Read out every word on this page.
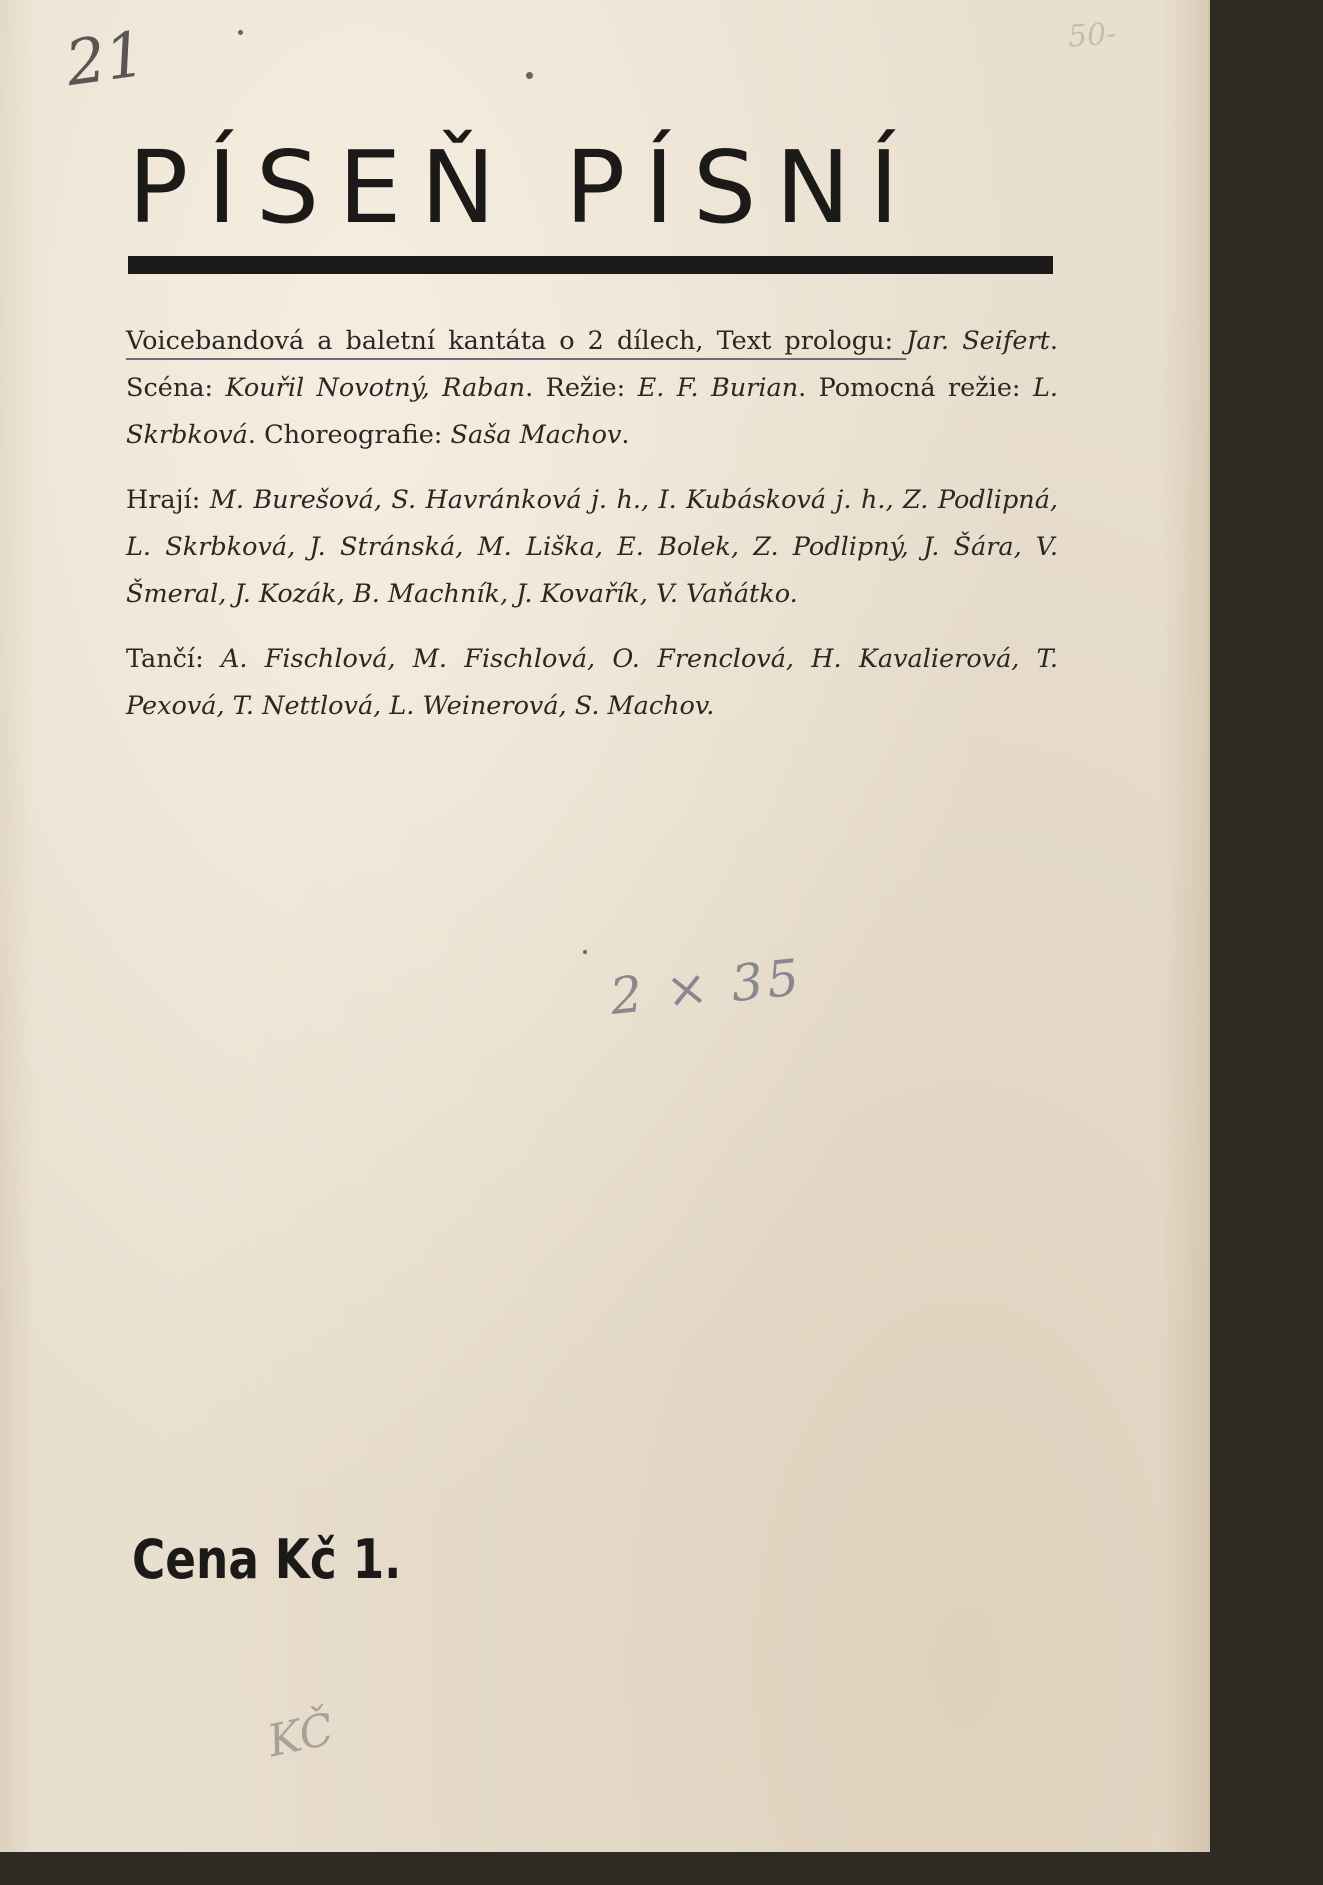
21	50-
PÍSEŇ PÍSNÍ

Voicebandová a baletní kantáta o 2 dílech, Text prologu: Jar. Seifert. Scéna: Kouřil Novotný, Raban. Režie: E. F. Burian. Pomocná režie: L. Skrbková. Choreografie: Saša Machov.

Hrají: M. Burešová, S. Havránková j. h., I. Kubásková j. h., Z. Podlipná, L. Skrbková, J. Stránská, M. Liška, E. Bolek, Z. Podlipný, J. Šára, V. Šmeral, J. Kozák, B. Machník, J. Kovařík, V. Vaňátko.

Tančí: A. Fischlová, M. Fischlová, O. Frenclová, H. Kavalierová, T. Pexová, T. Nettlová, L. Weinerová, S. Machov.

2 × 35
Cena Kč 1.
KČ
